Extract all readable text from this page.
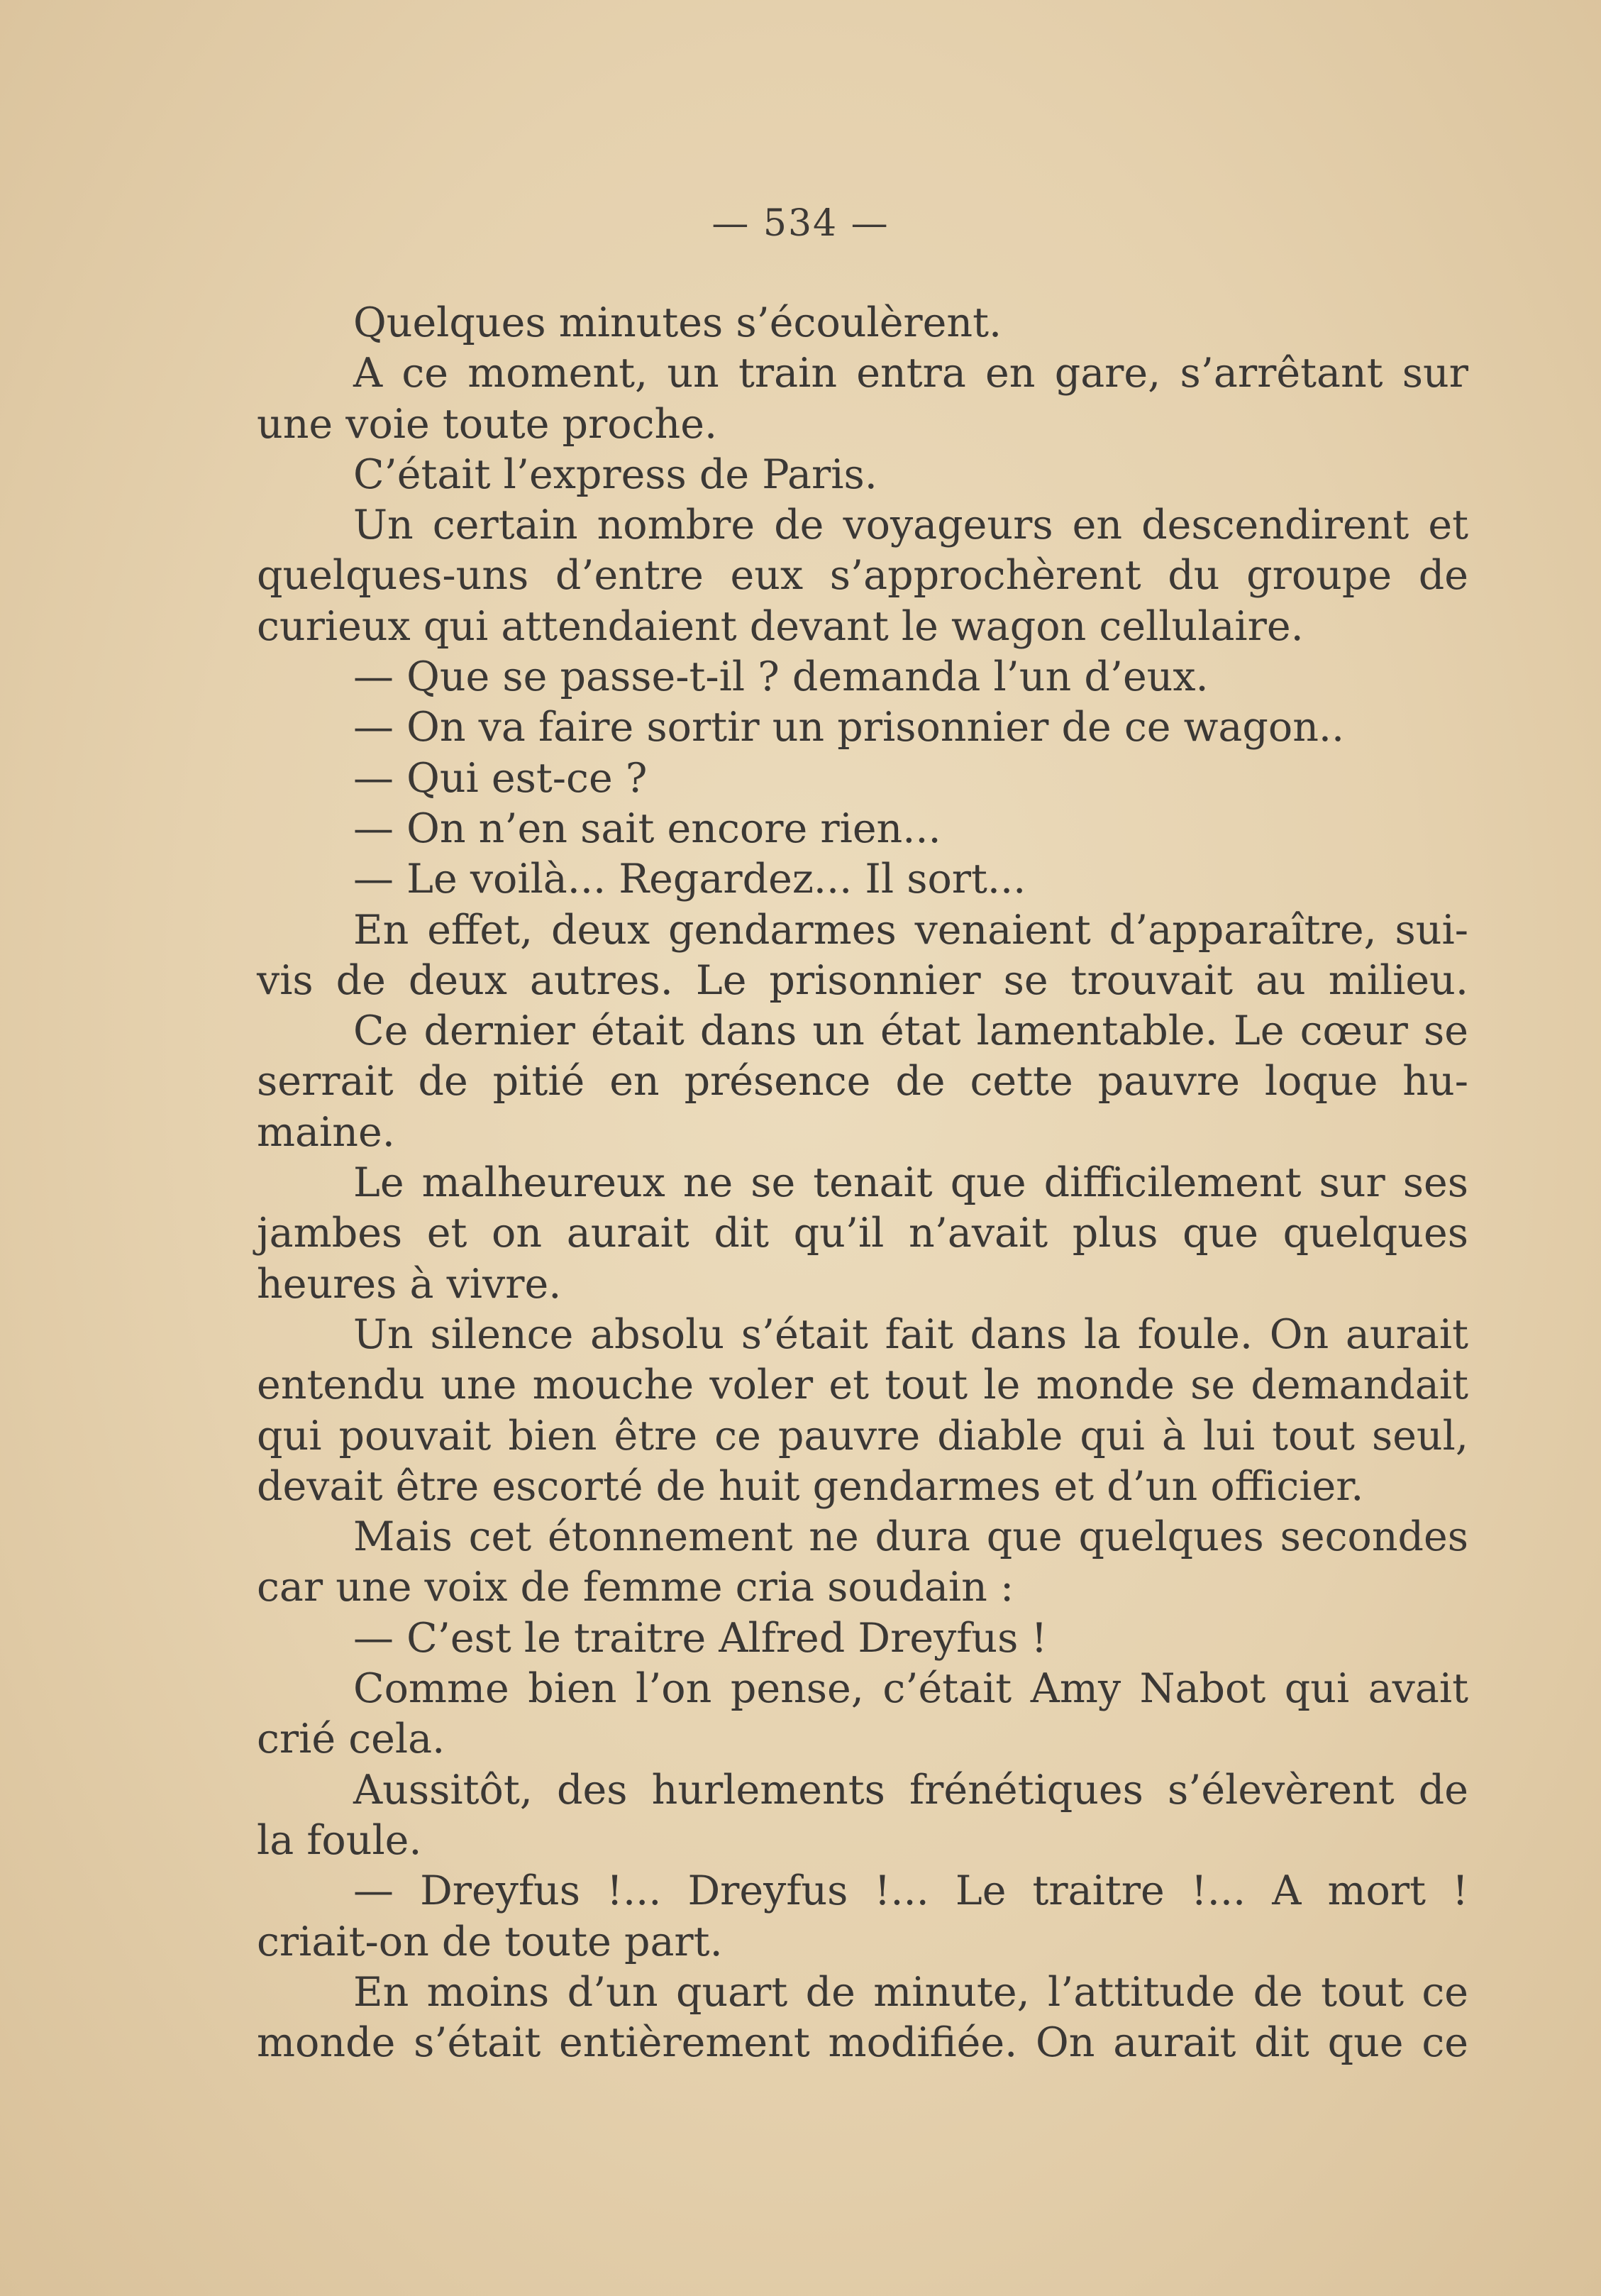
— 534 —
Quelques minutes s’écoulèrent.
A ce moment, un train entra en gare, s’arrêtant sur
une voie toute proche.
C’était l’express de Paris.
Un certain nombre de voyageurs en descendirent et
quelques-uns d’entre eux s’approchèrent du groupe de
curieux qui attendaient devant le wagon cellulaire.
— Que se passe-t-il ? demanda l’un d’eux.
— On va faire sortir un prisonnier de ce wagon..
— Qui est-ce ?
— On n’en sait encore rien...
— Le voilà... Regardez... Il sort...
En effet, deux gendarmes venaient d’apparaître, sui-
vis de deux autres. Le prisonnier se trouvait au milieu.
Ce dernier était dans un état lamentable. Le cœur se
serrait de pitié en présence de cette pauvre loque hu-
maine.
Le malheureux ne se tenait que difficilement sur ses
jambes et on aurait dit qu’il n’avait plus que quelques
heures à vivre.
Un silence absolu s’était fait dans la foule. On aurait
entendu une mouche voler et tout le monde se demandait
qui pouvait bien être ce pauvre diable qui à lui tout seul,
devait être escorté de huit gendarmes et d’un officier.
Mais cet étonnement ne dura que quelques secondes
car une voix de femme cria soudain :
— C’est le traitre Alfred Dreyfus !
Comme bien l’on pense, c’était Amy Nabot qui avait
crié cela.
Aussitôt, des hurlements frénétiques s’élevèrent de
la foule.
— Dreyfus !... Dreyfus !... Le traitre !... A mort !
criait-on de toute part.
En moins d’un quart de minute, l’attitude de tout ce
monde s’était entièrement modifiée. On aurait dit que ce
